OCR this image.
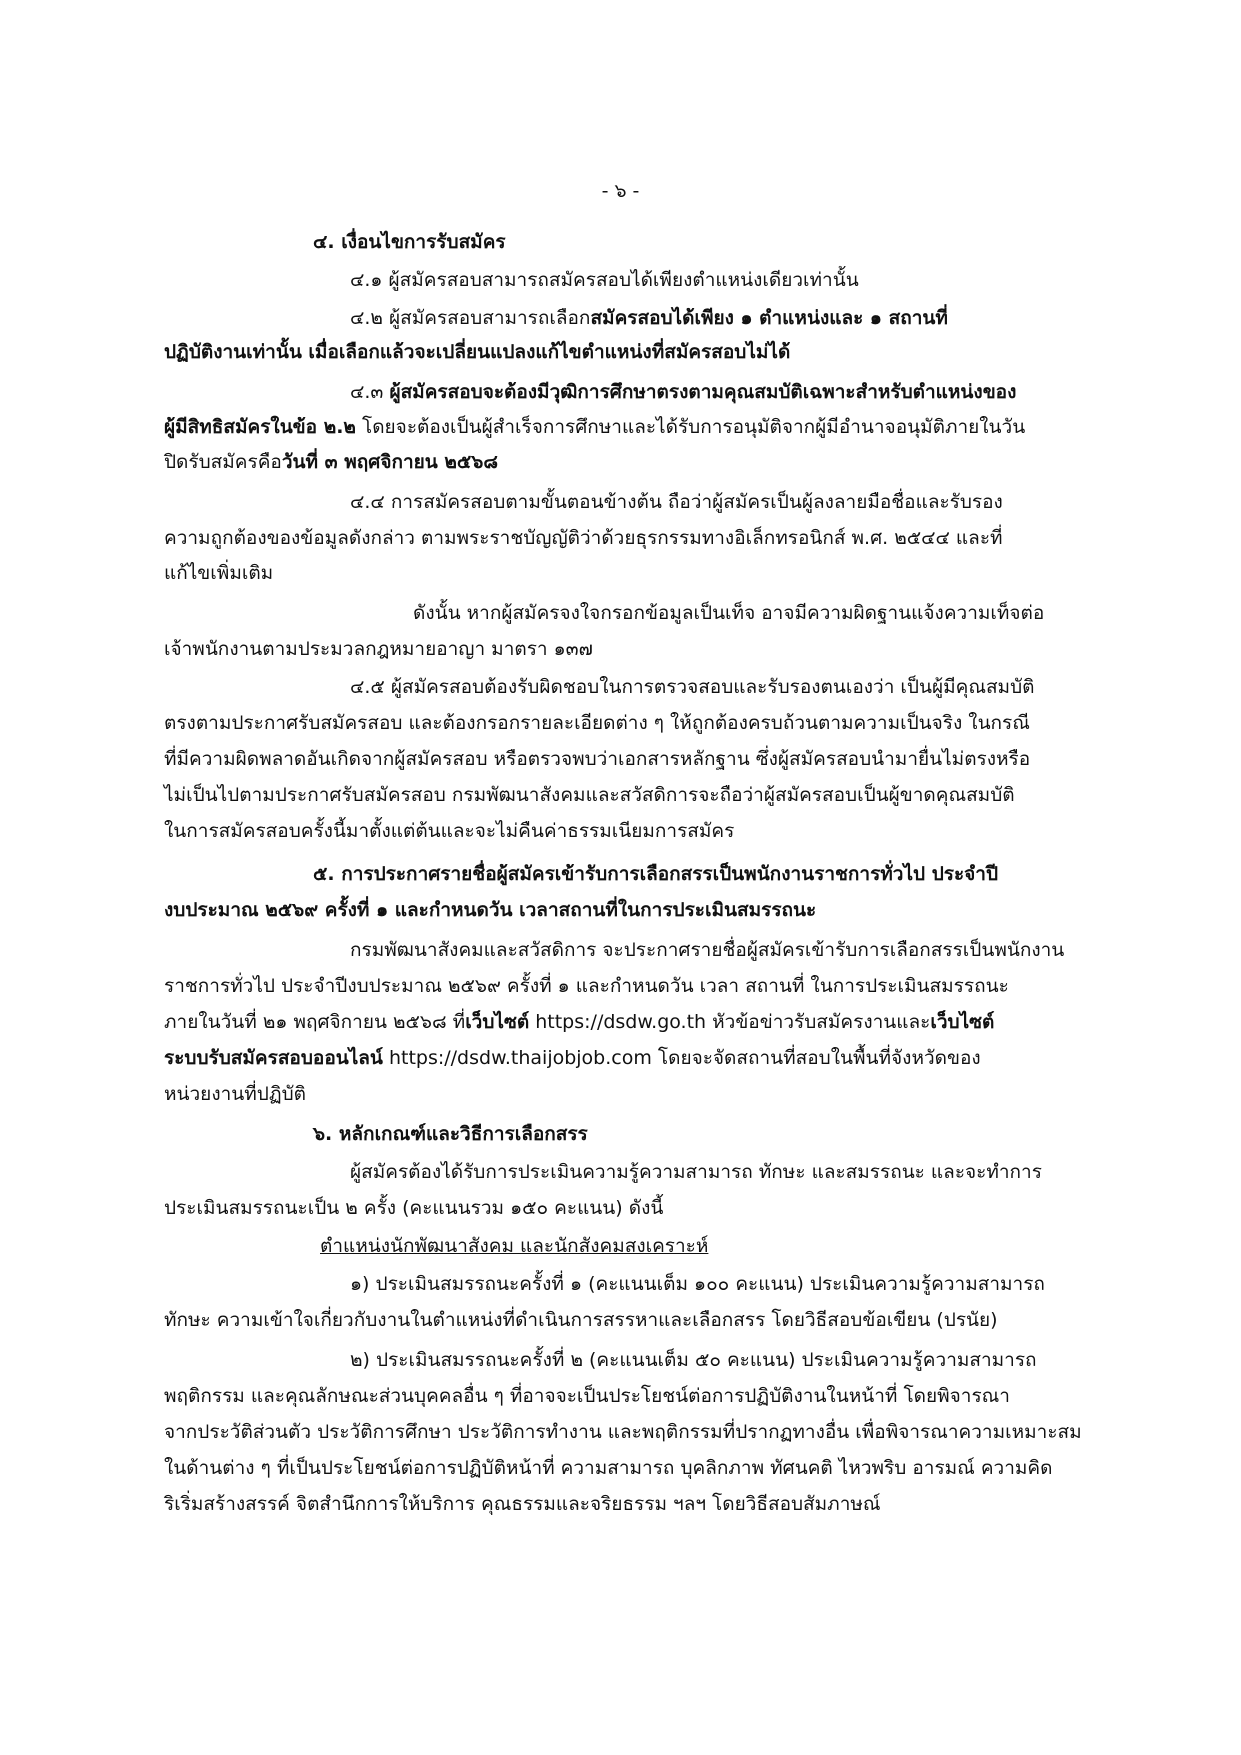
- ๖ -
๔. เงื่อนไขการรับสมัคร
๔.๑ ผู้สมัครสอบสามารถสมัครสอบได้เพียงตำแหน่งเดียวเท่านั้น
๔.๒ ผู้สมัครสอบสามารถเลือกสมัครสอบได้เพียง ๑ ตำแหน่งและ ๑ สถานที่
ปฏิบัติงานเท่านั้น เมื่อเลือกแล้วจะเปลี่ยนแปลงแก้ไขตำแหน่งที่สมัครสอบไม่ได้
๔.๓ ผู้สมัครสอบจะต้องมีวุฒิการศึกษาตรงตามคุณสมบัติเฉพาะสำหรับตำแหน่งของ
ผู้มีสิทธิสมัครในข้อ ๒.๒ โดยจะต้องเป็นผู้สำเร็จการศึกษาและได้รับการอนุมัติจากผู้มีอำนาจอนุมัติภายในวัน
ปิดรับสมัครคือวันที่ ๓ พฤศจิกายน ๒๕๖๘
๔.๔ การสมัครสอบตามขั้นตอนข้างต้น ถือว่าผู้สมัครเป็นผู้ลงลายมือชื่อและรับรอง
ความถูกต้องของข้อมูลดังกล่าว ตามพระราชบัญญัติว่าด้วยธุรกรรมทางอิเล็กทรอนิกส์ พ.ศ. ๒๕๔๔ และที่
แก้ไขเพิ่มเติม
ดังนั้น หากผู้สมัครจงใจกรอกข้อมูลเป็นเท็จ อาจมีความผิดฐานแจ้งความเท็จต่อ
เจ้าพนักงานตามประมวลกฎหมายอาญา มาตรา ๑๓๗
๔.๕ ผู้สมัครสอบต้องรับผิดชอบในการตรวจสอบและรับรองตนเองว่า เป็นผู้มีคุณสมบัติ
ตรงตามประกาศรับสมัครสอบ และต้องกรอกรายละเอียดต่าง ๆ ให้ถูกต้องครบถ้วนตามความเป็นจริง ในกรณี
ที่มีความผิดพลาดอันเกิดจากผู้สมัครสอบ หรือตรวจพบว่าเอกสารหลักฐาน ซึ่งผู้สมัครสอบนำมายื่นไม่ตรงหรือ
ไม่เป็นไปตามประกาศรับสมัครสอบ กรมพัฒนาสังคมและสวัสดิการจะถือว่าผู้สมัครสอบเป็นผู้ขาดคุณสมบัติ
ในการสมัครสอบครั้งนี้มาตั้งแต่ต้นและจะไม่คืนค่าธรรมเนียมการสมัคร
๕. การประกาศรายชื่อผู้สมัครเข้ารับการเลือกสรรเป็นพนักงานราชการทั่วไป ประจำปี
งบประมาณ ๒๕๖๙ ครั้งที่ ๑ และกำหนดวัน เวลาสถานที่ในการประเมินสมรรถนะ
กรมพัฒนาสังคมและสวัสดิการ จะประกาศรายชื่อผู้สมัครเข้ารับการเลือกสรรเป็นพนักงาน
ราชการทั่วไป ประจำปีงบประมาณ ๒๕๖๙ ครั้งที่ ๑ และกำหนดวัน เวลา สถานที่ ในการประเมินสมรรถนะ
ภายในวันที่ ๒๑ พฤศจิกายน ๒๕๖๘ ที่เว็บไซต์ https://dsdw.go.th หัวข้อข่าวรับสมัครงานและเว็บไซต์
ระบบรับสมัครสอบออนไลน์ https://dsdw.thaijobjob.com โดยจะจัดสถานที่สอบในพื้นที่จังหวัดของ
หน่วยงานที่ปฏิบัติ
๖. หลักเกณฑ์และวิธีการเลือกสรร
ผู้สมัครต้องได้รับการประเมินความรู้ความสามารถ ทักษะ และสมรรถนะ และจะทำการ
ประเมินสมรรถนะเป็น ๒ ครั้ง (คะแนนรวม ๑๕๐ คะแนน) ดังนี้
ตำแหน่งนักพัฒนาสังคม และนักสังคมสงเคราะห์
๑) ประเมินสมรรถนะครั้งที่ ๑ (คะแนนเต็ม ๑๐๐ คะแนน) ประเมินความรู้ความสามารถ
ทักษะ ความเข้าใจเกี่ยวกับงานในตำแหน่งที่ดำเนินการสรรหาและเลือกสรร โดยวิธีสอบข้อเขียน (ปรนัย)
๒) ประเมินสมรรถนะครั้งที่ ๒ (คะแนนเต็ม ๕๐ คะแนน) ประเมินความรู้ความสามารถ
พฤติกรรม และคุณลักษณะส่วนบุคคลอื่น ๆ ที่อาจจะเป็นประโยชน์ต่อการปฏิบัติงานในหน้าที่ โดยพิจารณา
จากประวัติส่วนตัว ประวัติการศึกษา ประวัติการทำงาน และพฤติกรรมที่ปรากฏทางอื่น เพื่อพิจารณาความเหมาะสม
ในด้านต่าง ๆ ที่เป็นประโยชน์ต่อการปฏิบัติหน้าที่ ความสามารถ บุคลิกภาพ ทัศนคติ ไหวพริบ อารมณ์ ความคิด
ริเริ่มสร้างสรรค์ จิตสำนึกการให้บริการ คุณธรรมและจริยธรรม ฯลฯ โดยวิธีสอบสัมภาษณ์
